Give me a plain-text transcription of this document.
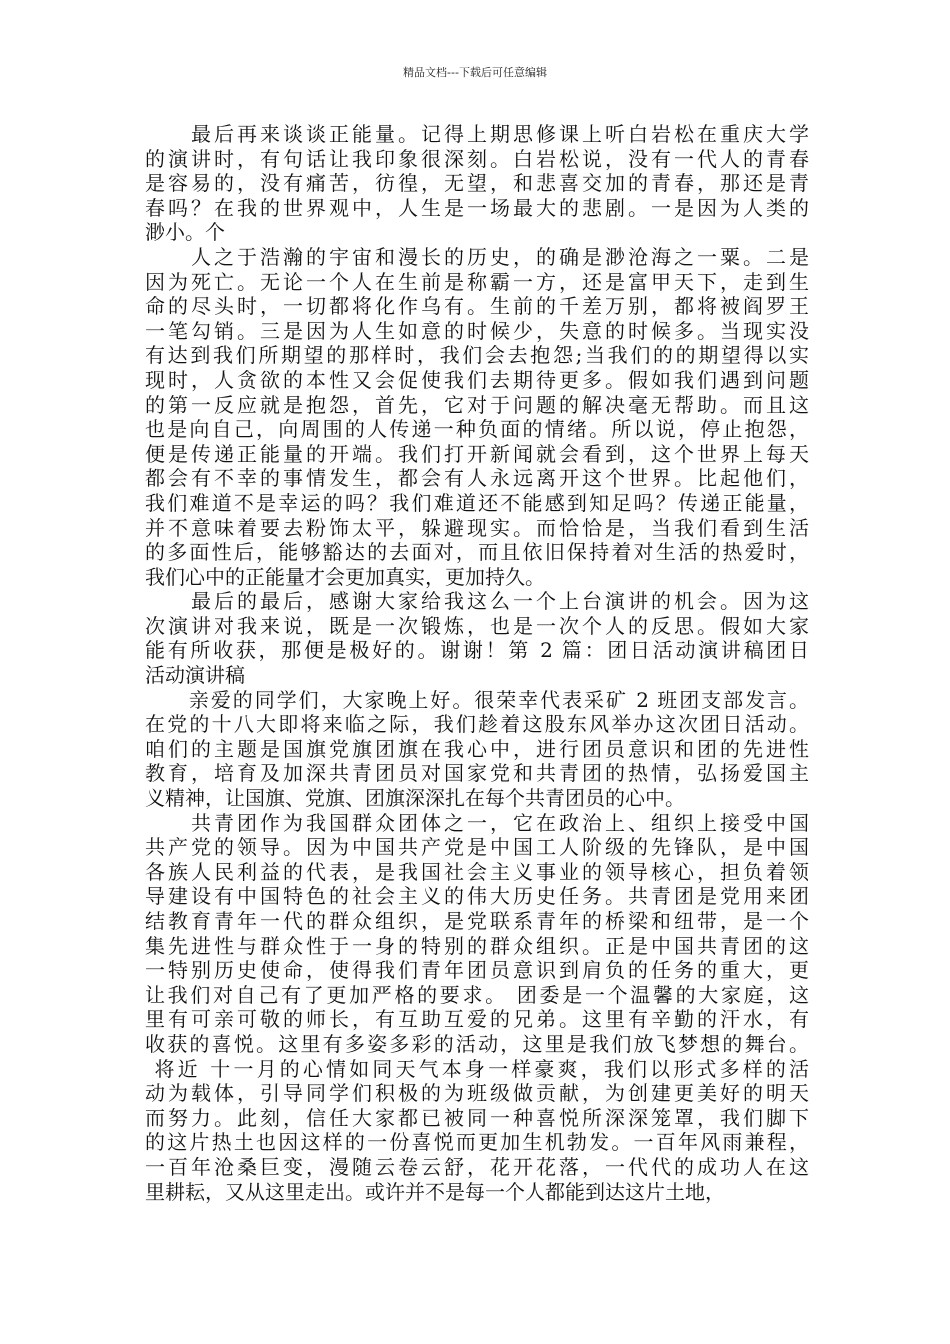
精品文档---下载后可任意编辑
　　最后再来谈谈正能量。记得上期思修课上听白岩松在重庆大学
的演讲时，有句话让我印象很深刻。白岩松说，没有一代人的青春
是容易的，没有痛苦，彷徨，无望，和悲喜交加的青春，那还是青
春吗？在我的世界观中，人生是一场最大的悲剧。一是因为人类的
渺小。个
　　人之于浩瀚的宇宙和漫长的历史，的确是渺沧海之一粟。二是
因为死亡。无论一个人在生前是称霸一方，还是富甲天下，走到生
命的尽头时，一切都将化作乌有。生前的千差万别，都将被阎罗王
一笔勾销。三是因为人生如意的时候少，失意的时候多。当现实没
有达到我们所期望的那样时，我们会去抱怨;当我们的的期望得以实
现时，人贪欲的本性又会促使我们去期待更多。假如我们遇到问题
的第一反应就是抱怨，首先，它对于问题的解决毫无帮助。而且这
也是向自己，向周围的人传递一种负面的情绪。所以说，停止抱怨，
便是传递正能量的开端。我们打开新闻就会看到，这个世界上每天
都会有不幸的事情发生，都会有人永远离开这个世界。比起他们，
我们难道不是幸运的吗？我们难道还不能感到知足吗？传递正能量，
并不意味着要去粉饰太平，躲避现实。而恰恰是，当我们看到生活
的多面性后，能够豁达的去面对，而且依旧保持着对生活的热爱时，
我们心中的正能量才会更加真实，更加持久。
　　最后的最后，感谢大家给我这么一个上台演讲的机会。因为这
次演讲对我来说，既是一次锻炼，也是一次个人的反思。假如大家
能有所收获，那便是极好的。谢谢！第 2 篇：团日活动演讲稿团日
活动演讲稿
　　亲爱的同学们，大家晚上好。很荣幸代表采矿 2 班团支部发言。
在党的十八大即将来临之际，我们趁着这股东风举办这次团日活动。
咱们的主题是国旗党旗团旗在我心中，进行团员意识和团的先进性
教育，培育及加深共青团员对国家党和共青团的热情，弘扬爱国主
义精神，让国旗、党旗、团旗深深扎在每个共青团员的心中。
　　共青团作为我国群众团体之一，它在政治上、组织上接受中国
共产党的领导。因为中国共产党是中国工人阶级的先锋队，是中国
各族人民利益的代表，是我国社会主义事业的领导核心，担负着领
导建设有中国特色的社会主义的伟大历史任务。共青团是党用来团
结教育青年一代的群众组织，是党联系青年的桥梁和纽带，是一个
集先进性与群众性于一身的特别的群众组织。正是中国共青团的这
一特别历史使命，使得我们青年团员意识到肩负的任务的重大，更
让我们对自己有了更加严格的要求。 团委是一个温馨的大家庭，这
里有可亲可敬的师长，有互助互爱的兄弟。这里有辛勤的汗水，有
收获的喜悦。这里有多姿多彩的活动，这里是我们放飞梦想的舞台。
将近 十一月的心情如同天气本身一样豪爽，我们以形式多样的活
动为载体，引导同学们积极的为班级做贡献，为创建更美好的明天
而努力。此刻，信任大家都已被同一种喜悦所深深笼罩，我们脚下
的这片热土也因这样的一份喜悦而更加生机勃发。一百年风雨兼程，
一百年沧桑巨变，漫随云卷云舒，花开花落，一代代的成功人在这
里耕耘，又从这里走出。或许并不是每一个人都能到达这片土地，
